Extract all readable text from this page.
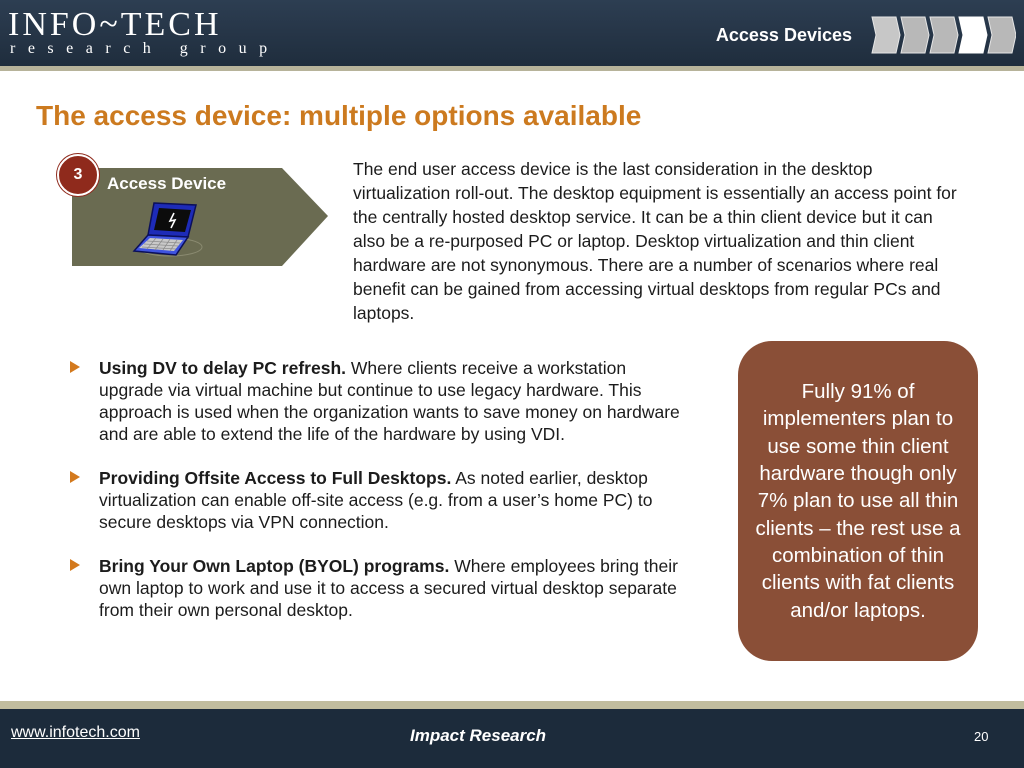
INFO~TECH
research group
Access Devices
The access device: multiple options available
Access Device
3	The end user access device is the last consideration in the desktop virtualization roll-out. The desktop equipment is essentially an access point for the centrally hosted desktop service. It can be a thin client device but it can also be a re-purposed PC or laptop. Desktop virtualization and thin client hardware are not synonymous. There are a number of scenarios where real benefit can be gained from accessing virtual desktops from regular PCs and laptops.
Using DV to delay PC refresh. Where clients receive a workstation upgrade via virtual machine but continue to use legacy hardware. This approach is used when the organization wants to save money on hardware and are able to extend the life of the hardware by using VDI.
Providing Offsite Access to Full Desktops. As noted earlier, desktop virtualization can enable off-site access (e.g. from a user’s home PC) to secure desktops via VPN connection.
Bring Your Own Laptop (BYOL) programs. Where employees bring their own laptop to work and use it to access a secured virtual desktop separate from their own personal desktop.
Fully 91% of implementers plan to use some thin client hardware though only 7% plan to use all thin clients – the rest use a combination of thin clients with fat clients and/or laptops.
www.infotech.com	Impact Research	20
